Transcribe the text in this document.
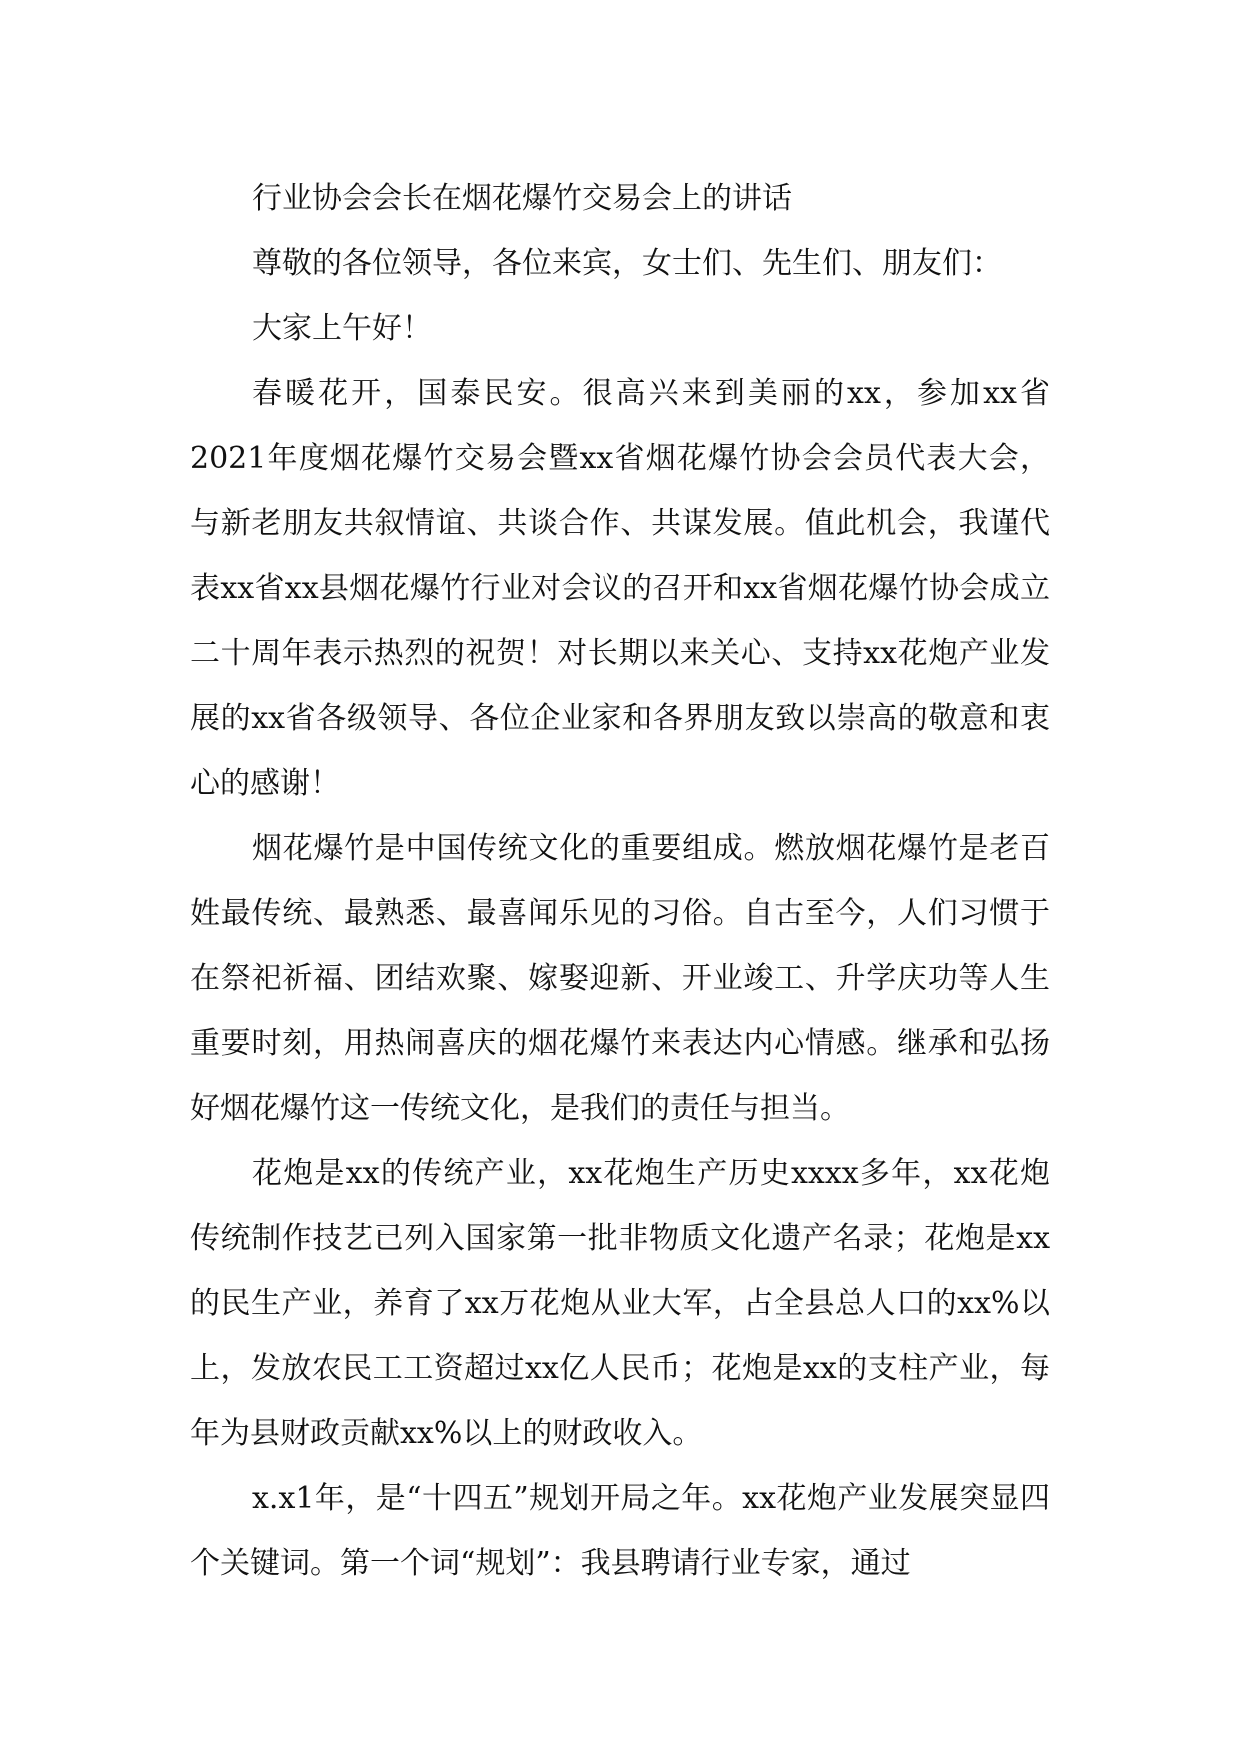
行业协会会长在烟花爆竹交易会上的讲话

尊敬的各位领导，各位来宾，女士们、先生们、朋友们：

大家上午好！

春暖花开，国泰民安。很高兴来到美丽的xx，参加xx省2021年度烟花爆竹交易会暨xx省烟花爆竹协会会员代表大会，与新老朋友共叙情谊、共谈合作、共谋发展。值此机会，我谨代表xx省xx县烟花爆竹行业对会议的召开和xx省烟花爆竹协会成立二十周年表示热烈的祝贺！对长期以来关心、支持xx花炮产业发展的xx省各级领导、各位企业家和各界朋友致以崇高的敬意和衷心的感谢！

烟花爆竹是中国传统文化的重要组成。燃放烟花爆竹是老百姓最传统、最熟悉、最喜闻乐见的习俗。自古至今，人们习惯于在祭祀祈福、团结欢聚、嫁娶迎新、开业竣工、升学庆功等人生重要时刻，用热闹喜庆的烟花爆竹来表达内心情感。继承和弘扬好烟花爆竹这一传统文化，是我们的责任与担当。

花炮是xx的传统产业，xx花炮生产历史xxxx多年，xx花炮传统制作技艺已列入国家第一批非物质文化遗产名录；花炮是xx的民生产业，养育了xx万花炮从业大军，占全县总人口的xx%以上，发放农民工工资超过xx亿人民币；花炮是xx的支柱产业，每年为县财政贡献xx%以上的财政收入。

x.x1年，是“十四五”规划开局之年。xx花炮产业发展突显四个关键词。第一个词“规划”：我县聘请行业专家，通过
